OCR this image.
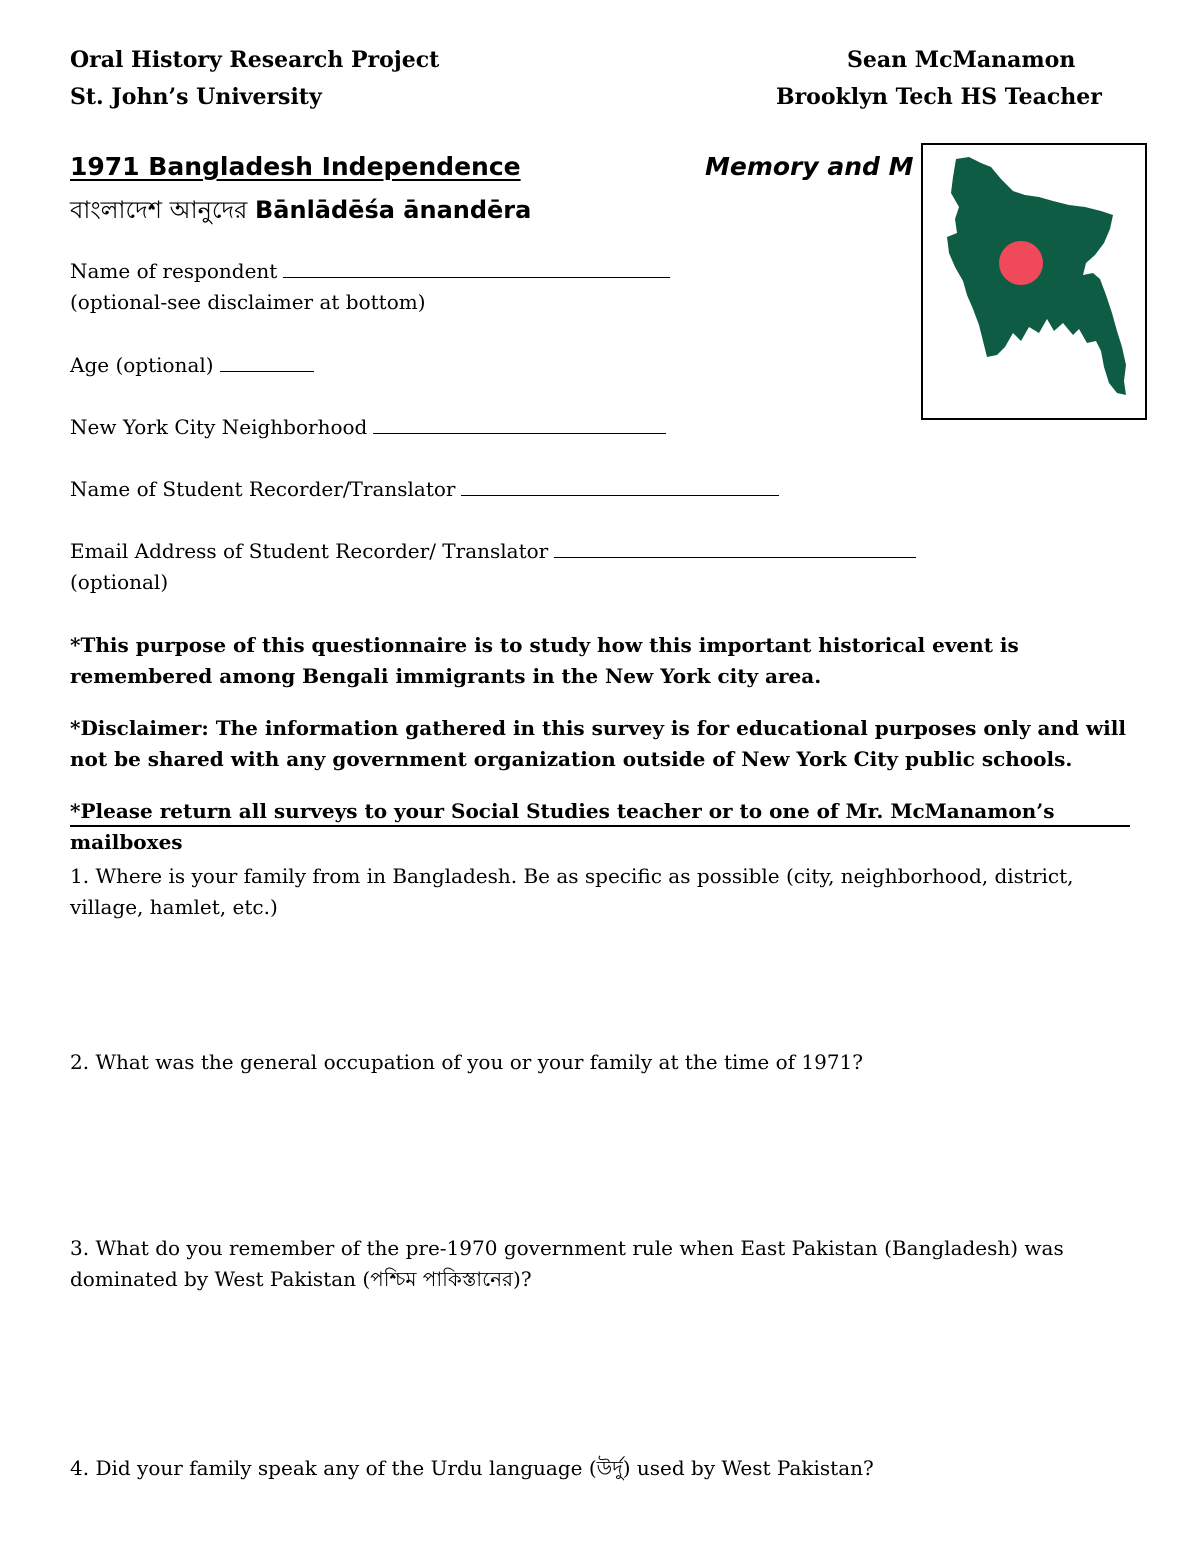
Oral History Research Project
St. John’s University
Sean McManamon
Brooklyn Tech HS Teacher
1971 Bangladesh Independence	Memory and M
বাংলাদেশ আনুদের Bānlādēśa ānandēra
Name of respondent
(optional-see disclaimer at bottom)
Age (optional)
New York City Neighborhood
Name of Student Recorder/Translator
Email Address of Student Recorder/ Translator
(optional)
*This purpose of this questionnaire is to study how this important historical event is remembered among Bengali immigrants in the New York city area.
*Disclaimer: The information gathered in this survey is for educational purposes only and will not be shared with any government organization outside of New York City public schools.
*Please return all surveys to your Social Studies teacher or to one of Mr. McManamon’s mailboxes
1. Where is your family from in Bangladesh. Be as specific as possible (city, neighborhood, district, village, hamlet, etc.)
2. What was the general occupation of you or your family at the time of 1971?
3. What do you remember of the pre-1970 government rule when East Pakistan (Bangladesh) was dominated by West Pakistan (পশ্চিম পাকিস্তানের)?
4. Did your family speak any of the Urdu language (উর্দু) used by West Pakistan?
